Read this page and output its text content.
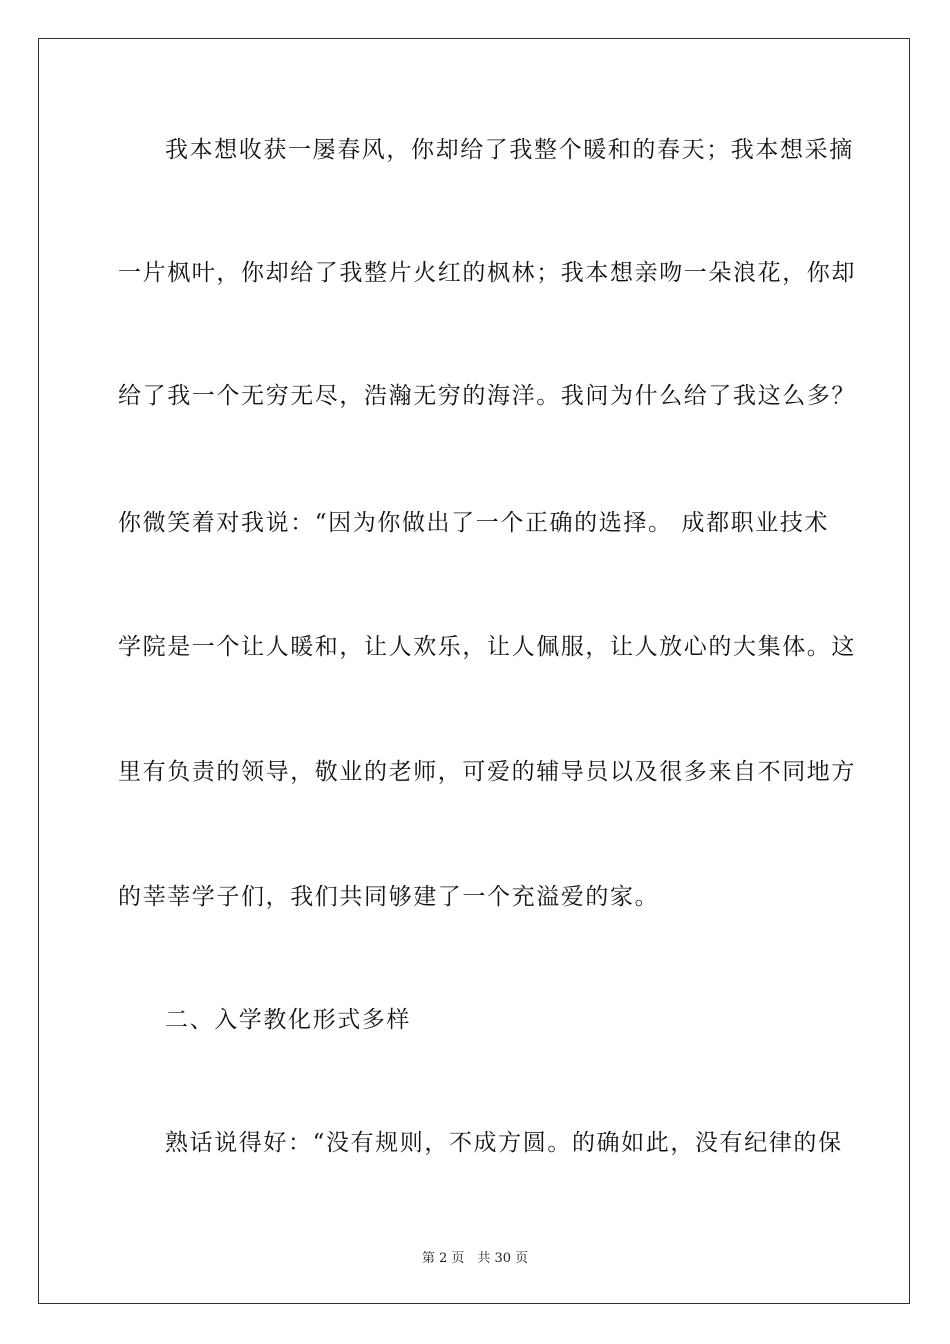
我本想收获一屡春风，你却给了我整个暖和的春天；我本想采摘
一片枫叶，你却给了我整片火红的枫林；我本想亲吻一朵浪花，你却
给了我一个无穷无尽，浩瀚无穷的海洋。我问为什么给了我这么多？
你微笑着对我说：“因为你做出了一个正确的选择。 成都职业技术
学院是一个让人暖和，让人欢乐，让人佩服，让人放心的大集体。这
里有负责的领导，敬业的老师，可爱的辅导员以及很多来自不同地方
的莘莘学子们，我们共同够建了一个充溢爱的家。
二、入学教化形式多样
熟话说得好：“没有规则，不成方圆。的确如此，没有纪律的保
第 2 页　共 30 页
